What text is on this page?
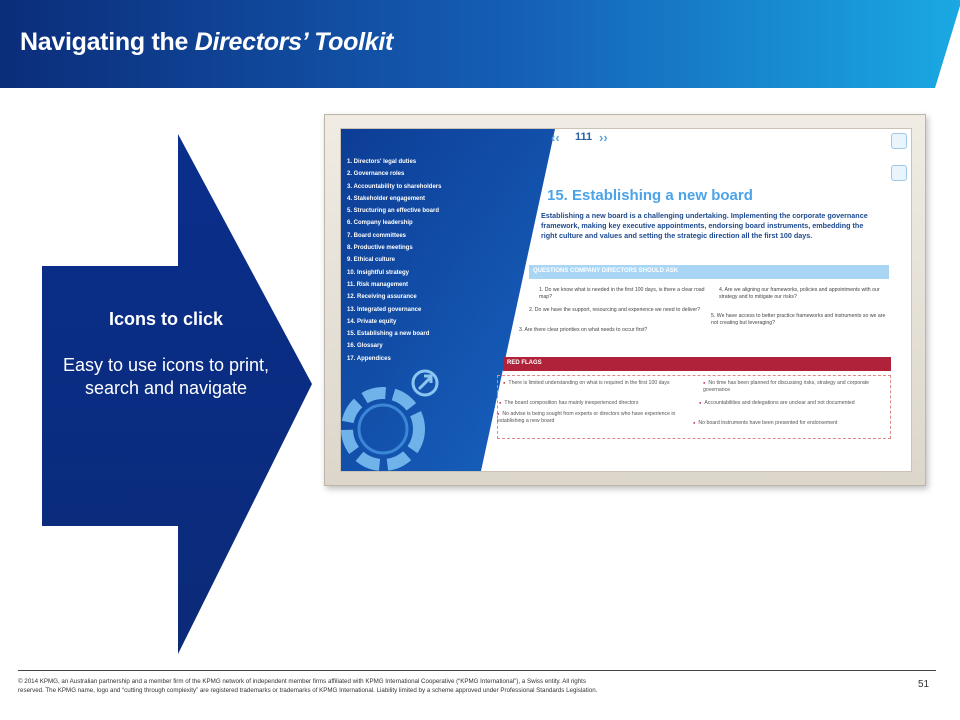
Navigating the Directors’ Toolkit
Icons to click
Easy to use icons to print, search and navigate
‹‹ 111 ››
1. Directors' legal duties
2. Governance roles
3. Accountability to shareholders
4. Stakeholder engagement
5. Structuring an effective board
6. Company leadership
7. Board committees
8. Productive meetings
9. Ethical culture
10. Insightful strategy
11. Risk management
12. Receiving assurance
13. Integrated governance
14. Private equity
15. Establishing a new board
16. Glossary
17. Appendices
15. Establishing a new board
Establishing a new board is a challenging undertaking. Implementing the corporate governance framework, making key executive appointments, endorsing board instruments, embedding the right culture and values and setting the strategic direction all the first 100 days.
QUESTIONS COMPANY DIRECTORS SHOULD ASK
1. Do we know what is needed in the first 100 days, is there a clear road map?
2. Do we have the support, resourcing and experience we need to deliver?
3. Are there clear priorities on what needs to occur first?
4. Are we aligning our frameworks, policies and appointments with our strategy and to mitigate our risks?
5. We have access to better practice frameworks and instruments so we are not creating but leveraging?
RED FLAGS
● There is limited understanding on what is required in the first 100 days
● The board composition has mainly inexperienced directors
● No advise is being sought from experts or directors who have experience in establishing a new board
● No time has been planned for discussing risks, strategy and corporate governance
● Accountabilities and delegations are unclear and not documented
● No board instruments have been presented for endorsement
© 2014 KPMG, an Australian partnership and a member firm of the KPMG network of independent member firms affiliated with KPMG International Cooperative (“KPMG International”), a Swiss entity. All rights reserved. The KPMG name, logo and “cutting through complexity” are registered trademarks or trademarks of KPMG International. Liability limited by a scheme approved under Professional Standards Legislation.	51
